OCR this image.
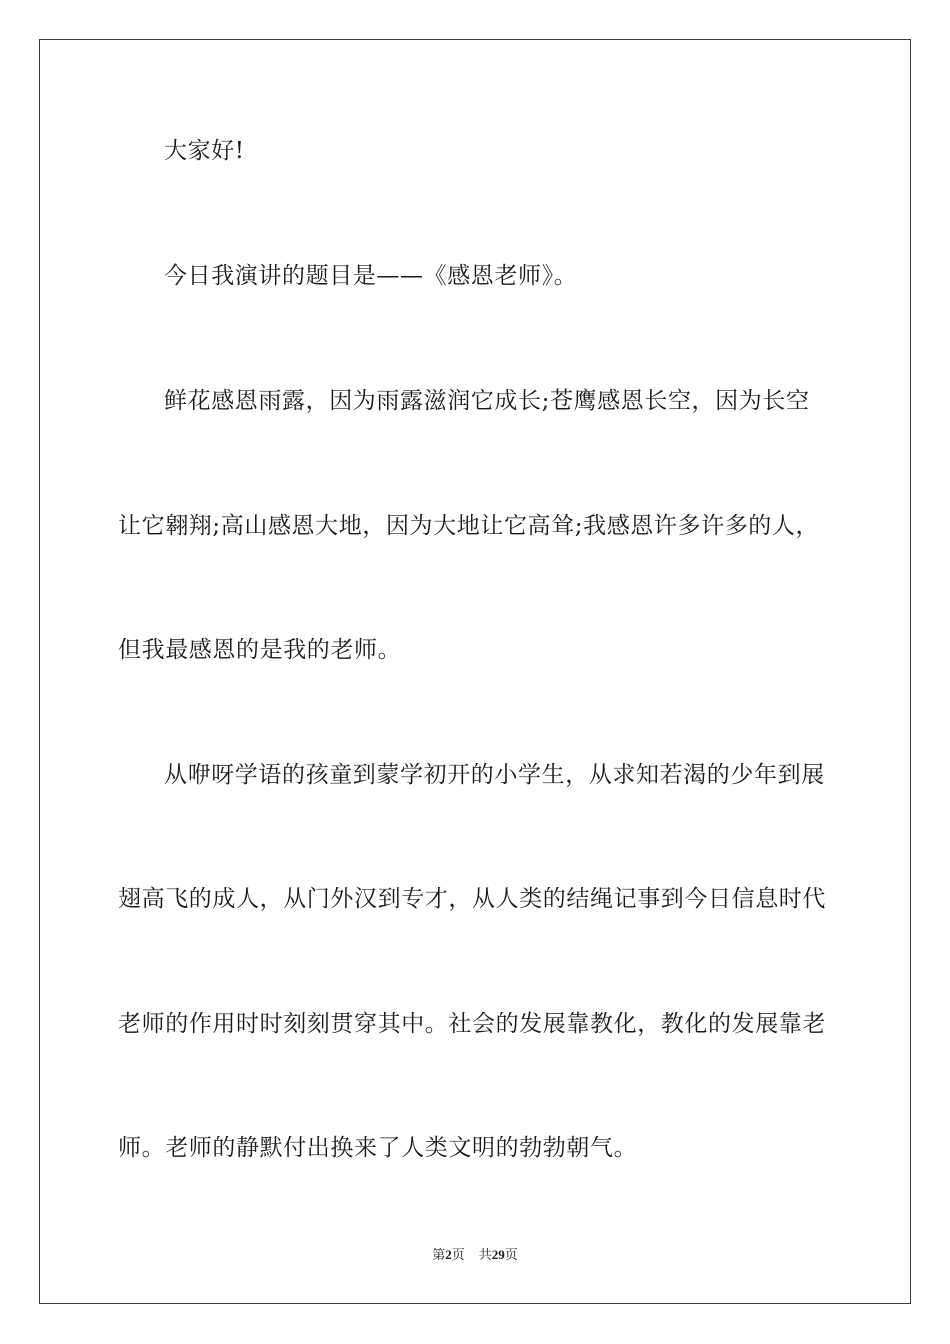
大家好!
今日我演讲的题目是——《感恩老师》。
鲜花感恩雨露，因为雨露滋润它成长;苍鹰感恩长空，因为长空
让它翱翔;高山感恩大地，因为大地让它高耸;我感恩许多许多的人，
但我最感恩的是我的老师。
从咿呀学语的孩童到蒙学初开的小学生，从求知若渴的少年到展
翅高飞的成人，从门外汉到专才，从人类的结绳记事到今日信息时代
老师的作用时时刻刻贯穿其中。社会的发展靠教化，教化的发展靠老
师。老师的静默付出换来了人类文明的勃勃朝气。
第2页 共29页
